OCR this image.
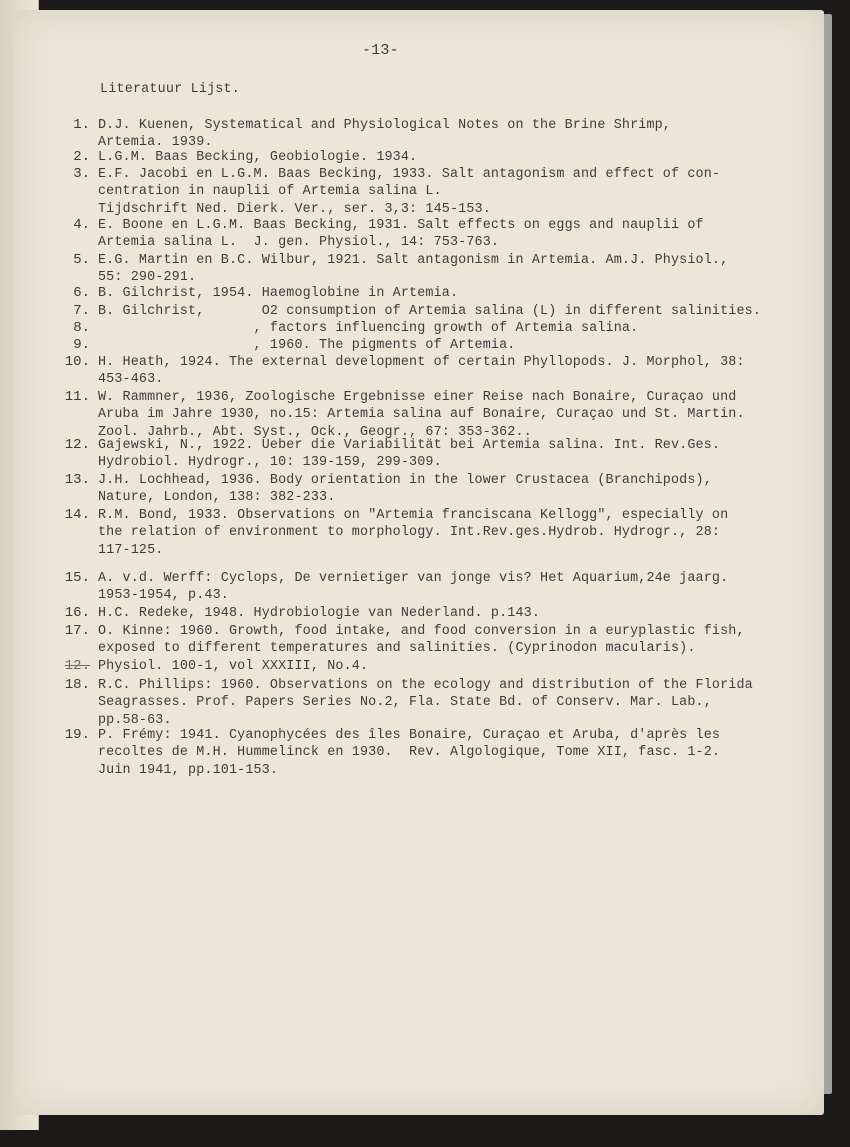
-13-
Literatuur Lijst.
1. D.J. Kuenen, Systematical and Physiological Notes on the Brine Shrimp,
Artemia. 1939.
2. L.G.M. Baas Becking, Geobiologie. 1934.
3. E.F. Jacobi en L.G.M. Baas Becking, 1933. Salt antagonism and effect of con-
centration in nauplii of Artemia salina L.
Tijdschrift Ned. Dierk. Ver., ser. 3,3: 145-153.
4. E. Boone en L.G.M. Baas Becking, 1931. Salt effects on eggs and nauplii of
Artemia salina L.  J. gen. Physiol., 14: 753-763.
5. E.G. Martin en B.C. Wilbur, 1921. Salt antagonism in Artemia. Am.J. Physiol.,
55: 290-291.
6. B. Gilchrist, 1954. Haemoglobine in Artemia.
7. B. Gilchrist,       O2 consumption of Artemia salina (L) in different salinities.
8. , factors influencing growth of Artemia salina.
9. , 1960. The pigments of Artemia.
10. H. Heath, 1924. The external development of certain Phyllopods. J. Morphol, 38:
453-463.
11. W. Rammner, 1936, Zoologische Ergebnisse einer Reise nach Bonaire, Curaçao und
Aruba im Jahre 1930, no.15: Artemia salina auf Bonaire, Curaçao und St. Martin.
Zool. Jahrb., Abt. Syst., Ock., Geogr., 67: 353-362..
12. Gajewski, N., 1922. Ueber die Variabilität bei Artemia salina. Int. Rev.Ges.
Hydrobiol. Hydrogr., 10: 139-159, 299-309.
13. J.H. Lochhead, 1936. Body orientation in the lower Crustacea (Branchipods),
Nature, London, 138: 382-233.
14. R.M. Bond, 1933. Observations on "Artemia franciscana Kellogg", especially on
the relation of environment to morphology. Int.Rev.ges.Hydrob. Hydrogr., 28:
117-125.
15. A. v.d. Werff: Cyclops, De vernietiger van jonge vis? Het Aquarium,24e jaarg.
1953-1954, p.43.
16. H.C. Redeke, 1948. Hydrobiologie van Nederland. p.143.
17. O. Kinne: 1960. Growth, food intake, and food conversion in a euryplastic fish,
exposed to different temperatures and salinities. (Cyprinodon macularis).
Physiol. 100-1, vol XXXIII, No.4.
18. R.C. Phillips: 1960. Observations on the ecology and distribution of the Florida
Seagrasses. Prof. Papers Series No.2, Fla. State Bd. of Conserv. Mar. Lab.,
pp.58-63.
19. P. Frémy: 1941. Cyanophycées des îles Bonaire, Curaçao et Aruba, d'après les
recoltes de M.H. Hummelinck en 1930.  Rev. Algologique, Tome XII, fasc. 1-2.
Juin 1941, pp.101-153.
12.
